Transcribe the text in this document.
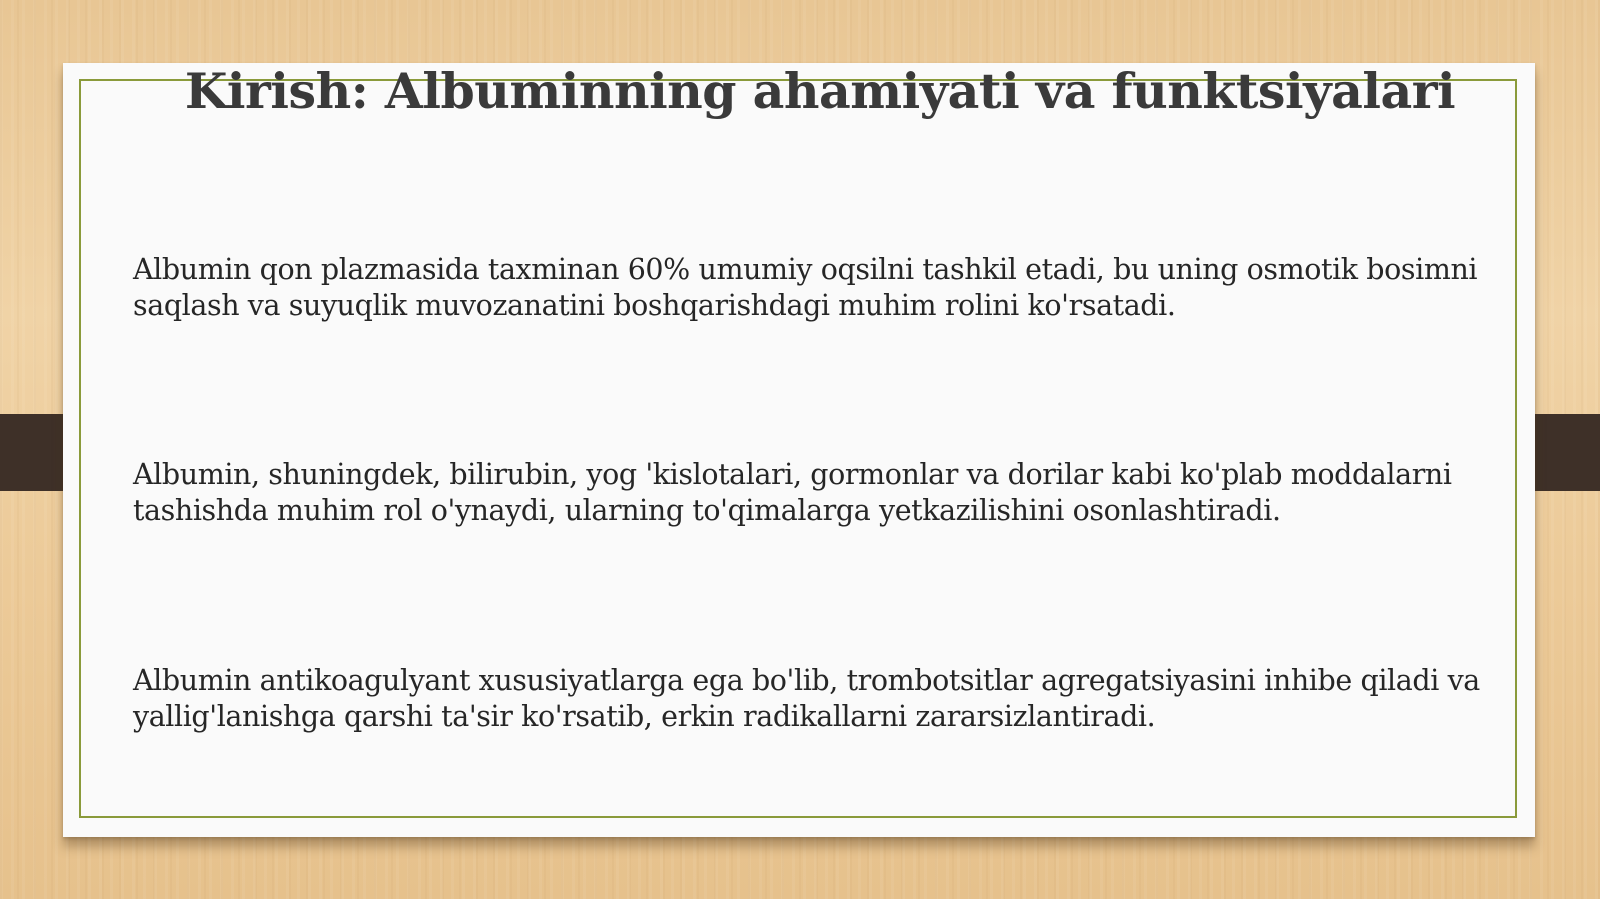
Kirish: Albuminning ahamiyati va funktsiyalari

Albumin qon plazmasida taxminan 60% umumiy oqsilni tashkil etadi, bu uning osmotik bosimni saqlash va suyuqlik muvozanatini boshqarishdagi muhim rolini ko'rsatadi.

Albumin, shuningdek, bilirubin, yog 'kislotalari, gormonlar va dorilar kabi ko'plab moddalarni tashishda muhim rol o'ynaydi, ularning to'qimalarga yetkazilishini osonlashtiradi.

Albumin antikoagulyant xususiyatlarga ega bo'lib, trombotsitlar agregatsiyasini inhibe qiladi va yallig'lanishga qarshi ta'sir ko'rsatib, erkin radikallarni zararsizlantiradi.
